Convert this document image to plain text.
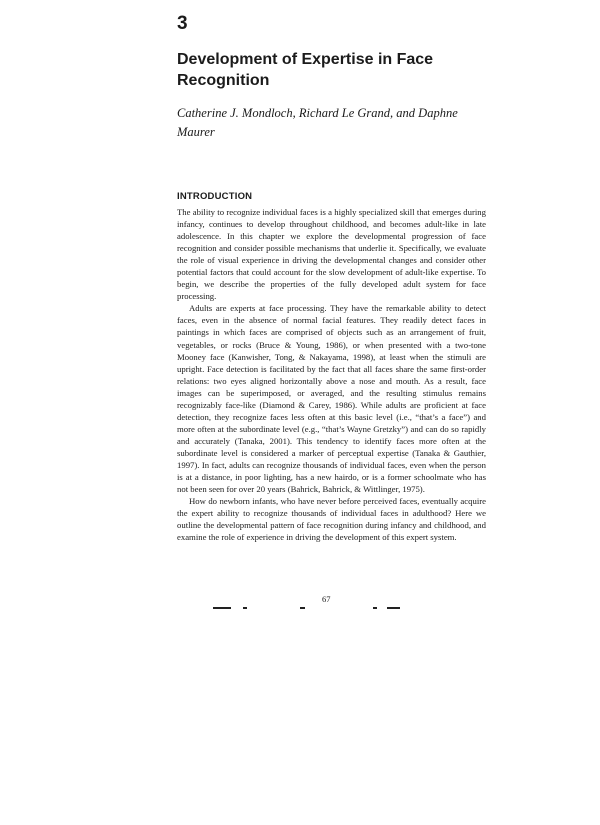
3
Development of Expertise in Face Recognition
Catherine J. Mondloch, Richard Le Grand, and Daphne Maurer
INTRODUCTION

The ability to recognize individual faces is a highly specialized skill that emerges during infancy, continues to develop throughout childhood, and becomes adult-like in late adolescence. In this chapter we explore the developmental progression of face recognition and consider possible mechanisms that underlie it. Specifically, we evaluate the role of visual experience in driving the developmental changes and consider other potential factors that could account for the slow development of adult-like expertise. To begin, we describe the properties of the fully developed adult system for face processing.

Adults are experts at face processing. They have the remarkable ability to detect faces, even in the absence of normal facial features. They readily detect faces in paintings in which faces are comprised of objects such as an arrangement of fruit, vegetables, or rocks (Bruce & Young, 1986), or when presented with a two-tone Mooney face (Kanwisher, Tong, & Nakayama, 1998), at least when the stimuli are upright. Face detection is facilitated by the fact that all faces share the same first-order relations: two eyes aligned horizontally above a nose and mouth. As a result, face images can be superimposed, or averaged, and the resulting stimulus remains recognizably face-like (Diamond & Carey, 1986). While adults are proficient at face detection, they recognize faces less often at this basic level (i.e., “that’s a face”) and more often at the subordinate level (e.g., “that’s Wayne Gretzky”) and can do so rapidly and accurately (Tanaka, 2001). This tendency to identify faces more often at the subordinate level is considered a marker of perceptual expertise (Tanaka & Gauthier, 1997). In fact, adults can recognize thousands of individual faces, even when the person is at a distance, in poor lighting, has a new hairdo, or is a former schoolmate who has not been seen for over 20 years (Bahrick, Bahrick, & Wittlinger, 1975).

How do newborn infants, who have never before perceived faces, eventually acquire the expert ability to recognize thousands of individual faces in adulthood? Here we outline the developmental pattern of face recognition during infancy and childhood, and examine the role of experience in driving the development of this expert system.

67
